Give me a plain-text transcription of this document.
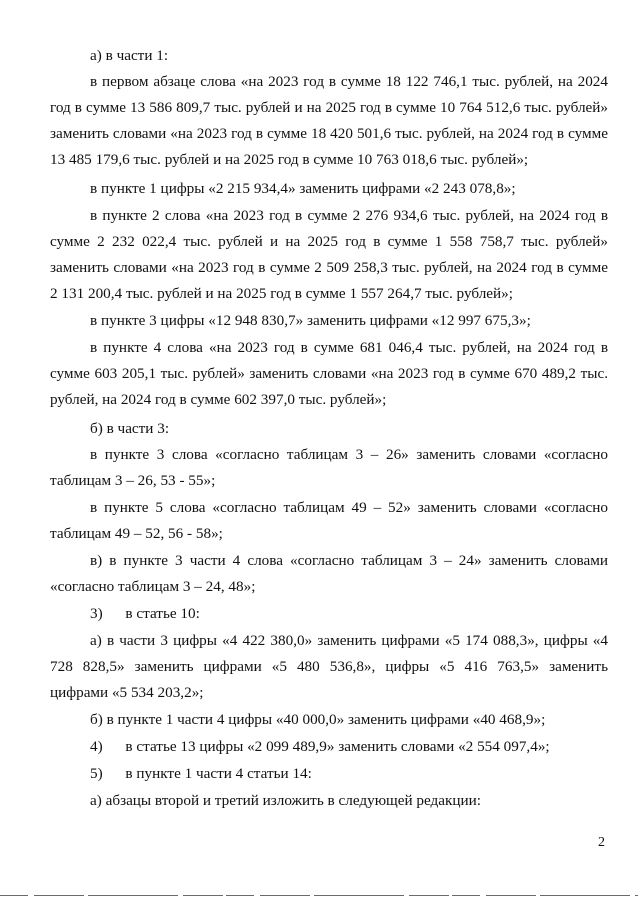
а) в части 1:

в первом абзаце слова «на 2023 год в сумме 18 122 746,1 тыс. рублей, на 2024

год в сумме 13 586 809,7 тыс. рублей и на 2025 год в сумме 10 764 512,6 тыс. рублей»

заменить словами «на 2023 год в сумме 18 420 501,6 тыс. рублей, на 2024 год в сумме

13 485 179,6 тыс. рублей и на 2025 год в сумме 10 763 018,6 тыс. рублей»;

в пункте 1 цифры «2 215 934,4» заменить цифрами «2 243 078,8»;

в пункте 2 слова «на 2023 год в сумме 2 276 934,6 тыс. рублей, на 2024 год в

сумме 2 232 022,4 тыс. рублей и на 2025 год в сумме 1 558 758,7 тыс. рублей»

заменить словами «на 2023 год в сумме 2 509 258,3 тыс. рублей, на 2024 год в сумме

2 131 200,4 тыс. рублей и на 2025 год в сумме 1 557 264,7 тыс. рублей»;

в пункте 3 цифры «12 948 830,7» заменить цифрами «12 997 675,3»;

в пункте 4 слова «на 2023 год в сумме 681 046,4 тыс. рублей, на 2024 год в

сумме 603 205,1 тыс. рублей» заменить словами «на 2023 год в сумме 670 489,2 тыс.

рублей, на 2024 год в сумме 602 397,0 тыс. рублей»;

б) в части 3:

в пункте 3 слова «согласно таблицам 3 – 26» заменить словами «согласно

таблицам 3 – 26, 53 - 55»;

в пункте 5 слова «согласно таблицам 49 – 52» заменить словами «согласно

таблицам 49 – 52, 56 - 58»;

в) в пункте 3 части 4 слова «согласно таблицам 3 – 24» заменить словами

«согласно таблицам 3 – 24, 48»;

3)      в статье 10:

а) в части 3 цифры «4 422 380,0» заменить цифрами «5 174 088,3», цифры «4

728 828,5» заменить цифрами «5 480 536,8», цифры «5 416 763,5» заменить

цифрами «5 534 203,2»;

б) в пункте 1 части 4 цифры «40 000,0» заменить цифрами «40 468,9»;

4)      в статье 13 цифры «2 099 489,9» заменить словами «2 554 097,4»;

5)      в пункте 1 части 4 статьи 14:

а) абзацы второй и третий изложить в следующей редакции:

2
